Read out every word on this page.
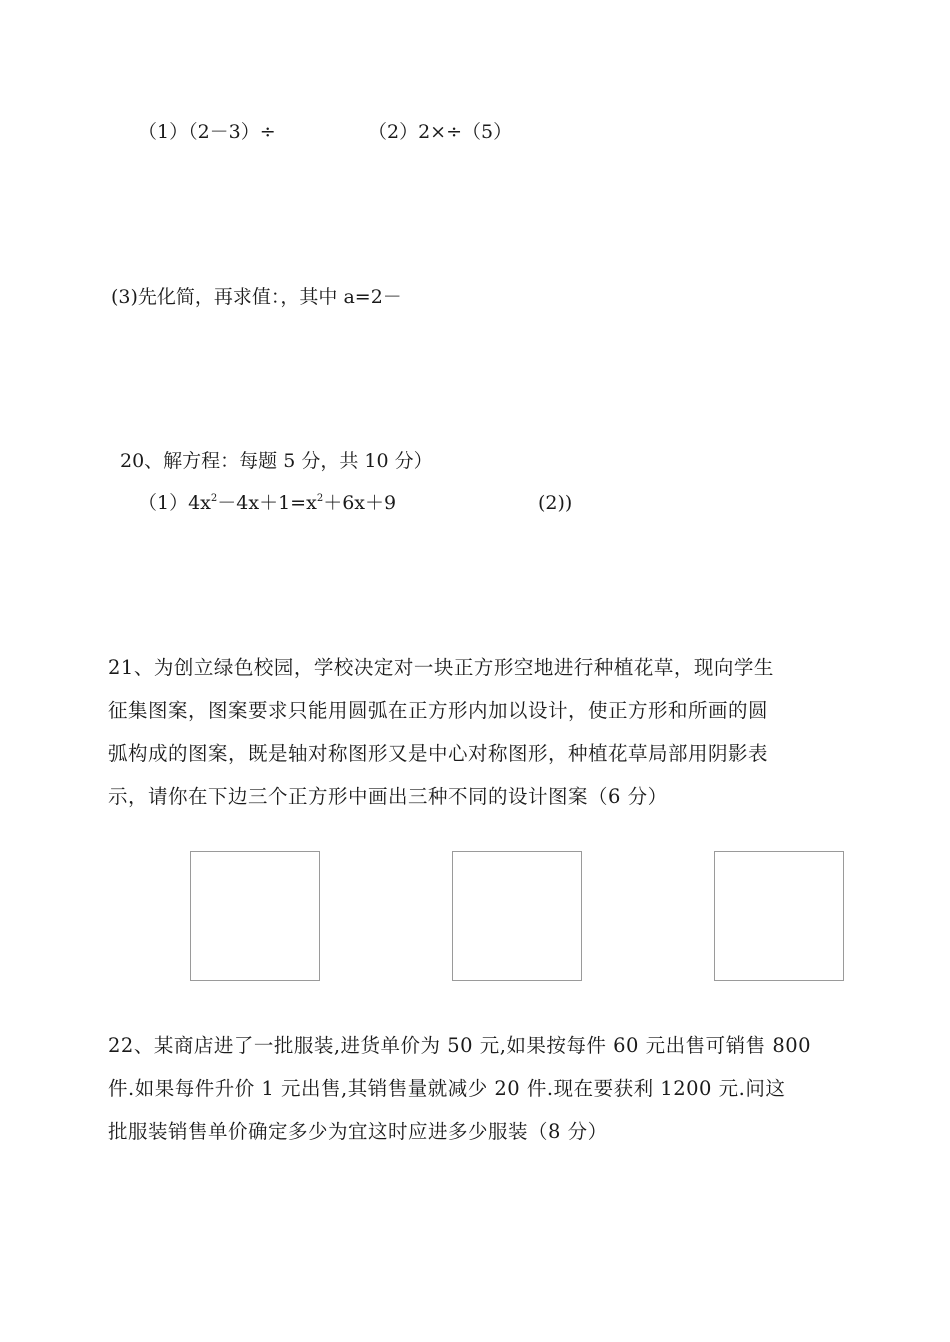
（1）（2－3）÷	（2）2×÷（5）
(3)先化简，再求值：，其中 a=2－
20、解方程：每题 5 分，共 10 分）
$(1)4x^2-4x+1=x^2+6x+9$	(2))
21、为创立绿色校园，学校决定对一块正方形空地进行种植花草，现向学生
征集图案，图案要求只能用圆弧在正方形内加以设计，使正方形和所画的圆
弧构成的图案，既是轴对称图形又是中心对称图形，种植花草局部用阴影表
示，请你在下边三个正方形中画出三种不同的设计图案（6 分）
22、某商店进了一批服装,进货单价为 50 元,如果按每件 60 元出售可销售 800
件.如果每件升价 1 元出售,其销售量就减少 20 件.现在要获利 1200 元.问这
批服装销售单价确定多少为宜这时应进多少服装（8 分）
